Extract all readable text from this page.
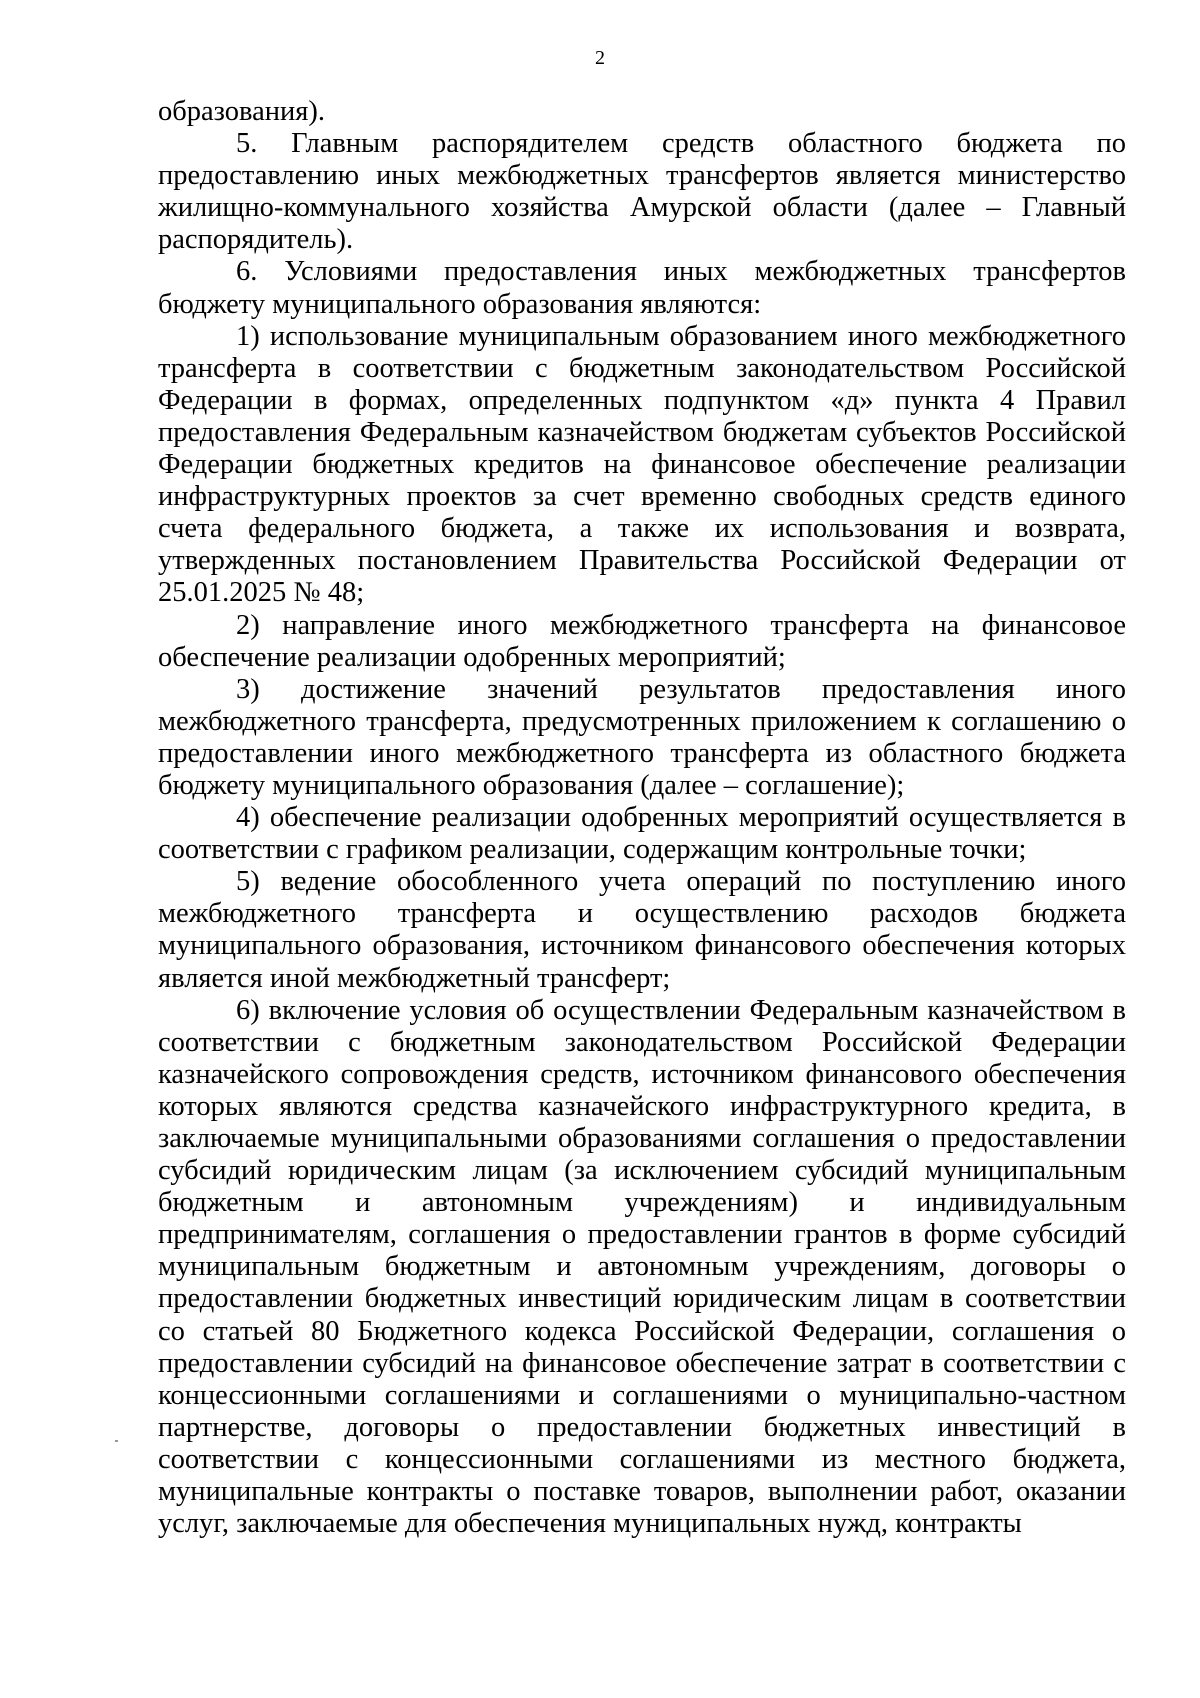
2

образования).

5. Главным распорядителем средств областного бюджета по предоставлению иных межбюджетных трансфертов является министерство жилищно-коммунального хозяйства Амурской области (далее – Главный распорядитель).

6. Условиями предоставления иных межбюджетных трансфертов бюджету муниципального образования являются:

1) использование муниципальным образованием иного межбюджетного трансферта в соответствии с бюджетным законодательством Российской Федерации в формах, определенных подпунктом «д» пункта 4 Правил предоставления Федеральным казначейством бюджетам субъектов Российской Федерации бюджетных кредитов на финансовое обеспечение реализации инфраструктурных проектов за счет временно свободных средств единого счета федерального бюджета, а также их использования и возврата, утвержденных постановлением Правительства Российской Федерации от 25.01.2025 № 48;

2) направление иного межбюджетного трансферта на финансовое обеспечение реализации одобренных мероприятий;

3) достижение значений результатов предоставления иного межбюджетного трансферта, предусмотренных приложением к соглашению о предоставлении иного межбюджетного трансферта из областного бюджета бюджету муниципального образования (далее – соглашение);

4) обеспечение реализации одобренных мероприятий осуществляется в соответствии с графиком реализации, содержащим контрольные точки;

5) ведение обособленного учета операций по поступлению иного межбюджетного трансферта и осуществлению расходов бюджета муниципального образования, источником финансового обеспечения которых является иной межбюджетный трансферт;

6) включение условия об осуществлении Федеральным казначейством в соответствии с бюджетным законодательством Российской Федерации казначейского сопровождения средств, источником финансового обеспечения которых являются средства казначейского инфраструктурного кредита, в заключаемые муниципальными образованиями соглашения о предоставлении субсидий юридическим лицам (за исключением субсидий муниципальным бюджетным и автономным учреждениям) и индивидуальным предпринимателям, соглашения о предоставлении грантов в форме субсидий муниципальным бюджетным и автономным учреждениям, договоры о предоставлении бюджетных инвестиций юридическим лицам в соответствии со статьей 80 Бюджетного кодекса Российской Федерации, соглашения о предоставлении субсидий на финансовое обеспечение затрат в соответствии с концессионными соглашениями и соглашениями о муниципально-частном партнерстве, договоры о предоставлении бюджетных инвестиций в соответствии с концессионными соглашениями из местного бюджета, муниципальные контракты о поставке товаров, выполнении работ, оказании услуг, заключаемые для обеспечения муниципальных нужд, контракты
